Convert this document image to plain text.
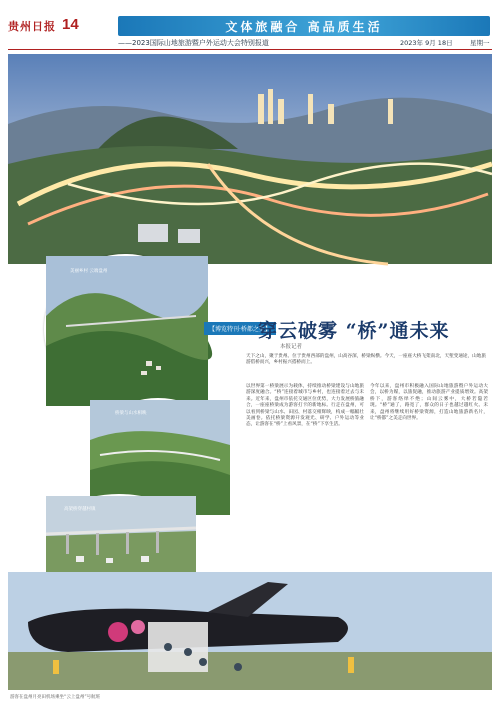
贵州日报 14	文体旅融合 高品质生活
——2023国际山地旅游暨户外运动大会特别报道	2023年 9月 18日	星期一
夜色中的盘州 立交桥
美丽乡村 云端盘州
桥梁与山水相映
高架桥穿越村镇
【博览特刊·桥都之美】
穿云破雾 “桥”通未来
本报记者
天下之山，聚于贵州。位于贵州西部的盘州，山高谷深，桥梁纵横。今天，一座座大桥飞架南北，天堑变通途，山地旅游借桥而兴，乡村振兴搭桥而上。
以世界第一桥梁展示为载体，持续推动桥梁建设与山地旅游深度融合。“桥”连接着城市与乡村，也连接着过去与未来。近年来，盘州市依托交通区位优势，大力发展桥旅融合，一座座桥梁成为游客打卡的新地标。行走在盘州，可以看到桥梁与山水、田园、村落交相辉映，构成一幅幅壮美画卷。依托桥梁资源开发观光、研学、户外运动等业态，让游客在“桥”上看风景，在“桥”下享生活。
今年以来，盘州市积极融入国际山地旅游暨户外运动大会，以桥为媒，以旅促融，推动旅游产业提质增效。高架桥下，游客络绎不绝；山间云雾中，大桥若隐若现。“桥”通了，路宽了，群众的日子也越过越红火。未来，盘州将继续用好桥梁资源，打造山地旅游新名片，让“桥都”之美走向世界。
游客在盘州月亮田机场乘坐“云上盘州”号航班
